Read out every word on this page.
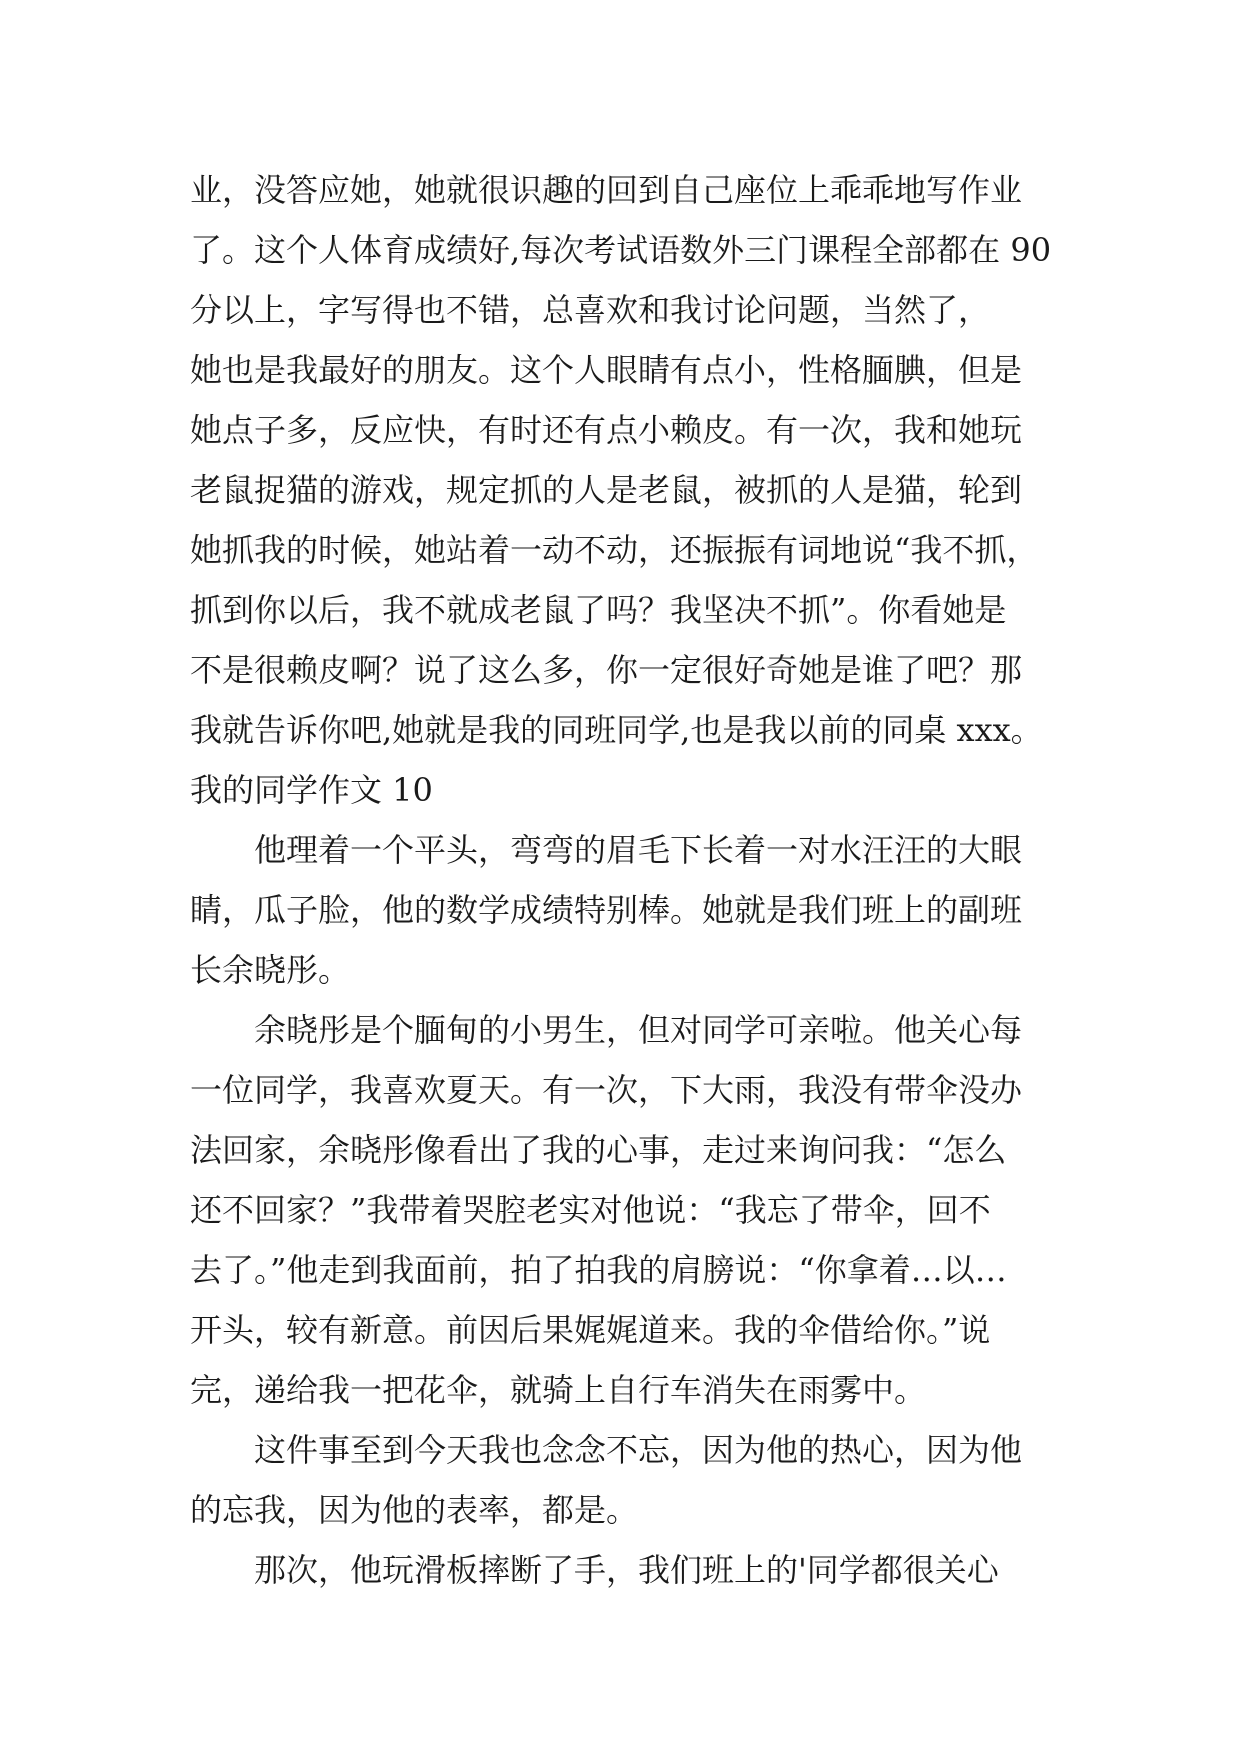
业，没答应她，她就很识趣的回到自己座位上乖乖地写作业
了。这个人体育成绩好,每次考试语数外三门课程全部都在 90
分以上，字写得也不错，总喜欢和我讨论问题，当然了，
她也是我最好的朋友。这个人眼睛有点小，性格腼腆，但是
她点子多，反应快，有时还有点小赖皮。有一次，我和她玩
老鼠捉猫的游戏，规定抓的人是老鼠，被抓的人是猫，轮到
她抓我的时候，她站着一动不动，还振振有词地说“我不抓，
抓到你以后，我不就成老鼠了吗？我坚决不抓”。你看她是
不是很赖皮啊？说了这么多，你一定很好奇她是谁了吧？那
我就告诉你吧,她就是我的同班同学,也是我以前的同桌 xxx。
我的同学作文 10
他理着一个平头，弯弯的眉毛下长着一对水汪汪的大眼
睛，瓜子脸，他的数学成绩特别棒。她就是我们班上的副班
长余晓彤。
余晓彤是个腼甸的小男生，但对同学可亲啦。他关心每
一位同学，我喜欢夏天。有一次，下大雨，我没有带伞没办
法回家，余晓彤像看出了我的心事，走过来询问我：“怎么
还不回家？”我带着哭腔老实对他说：“我忘了带伞，回不
去了。”他走到我面前，拍了拍我的肩膀说：“你拿着…以…
开头，较有新意。前因后果娓娓道来。我的伞借给你。”说
完，递给我一把花伞，就骑上自行车消失在雨雾中。
这件事至到今天我也念念不忘，因为他的热心，因为他
的忘我，因为他的表率，都是。
那次，他玩滑板摔断了手，我们班上的'同学都很关心
